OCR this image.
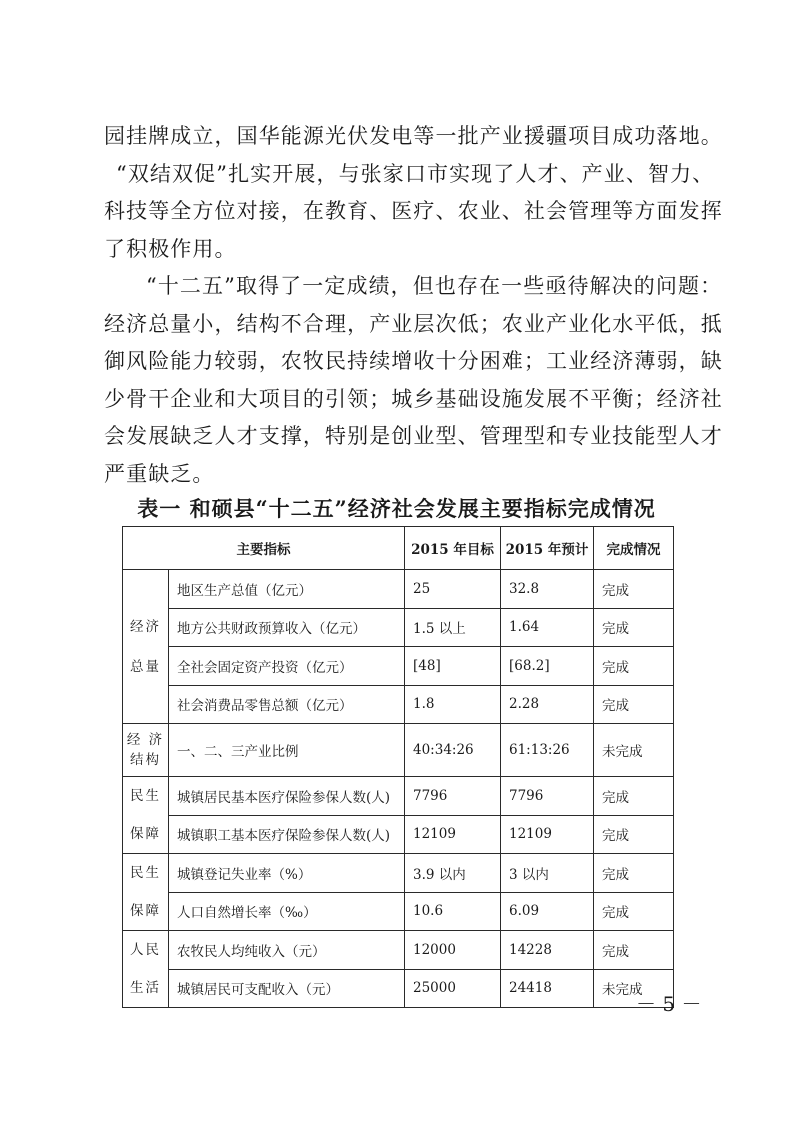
园挂牌成立，国华能源光伏发电等一批产业援疆项目成功落地。
“双结双促”扎实开展，与张家口市实现了人才、产业、智力、
科技等全方位对接，在教育、医疗、农业、社会管理等方面发挥
了积极作用。
“十二五”取得了一定成绩，但也存在一些亟待解决的问题：
经济总量小，结构不合理，产业层次低；农业产业化水平低，抵
御风险能力较弱，农牧民持续增收十分困难；工业经济薄弱，缺
少骨干企业和大项目的引领；城乡基础设施发展不平衡；经济社
会发展缺乏人才支撑，特别是创业型、管理型和专业技能型人才
严重缺乏。
表一 和硕县“十二五”经济社会发展主要指标完成情况
主要指标		2015 年目标	2015 年预计	完成情况

经济
总量	地区生产总值（亿元）	25	32.8	完成
	地方公共财政预算收入（亿元）	1.5 以上	1.64	完成
	全社会固定资产投资（亿元）	[48]	[68.2]	完成
	社会消费品零售总额（亿元）	1.8	2.28	完成

经 济
结构	一、二、三产业比例	40:34:26	61:13:26	未完成

民生
保障	城镇居民基本医疗保险参保人数(人)	7796	7796	完成
	城镇职工基本医疗保险参保人数(人)	12109	12109	完成

民生
保障	城镇登记失业率（%）	3.9 以内	3 以内	完成
	人口自然增长率（‰）	10.6	6.09	完成

人民
生活	农牧民人均纯收入（元）	12000	14228	完成
	城镇居民可支配收入（元）	25000	24418	未完成
－ 5 －
